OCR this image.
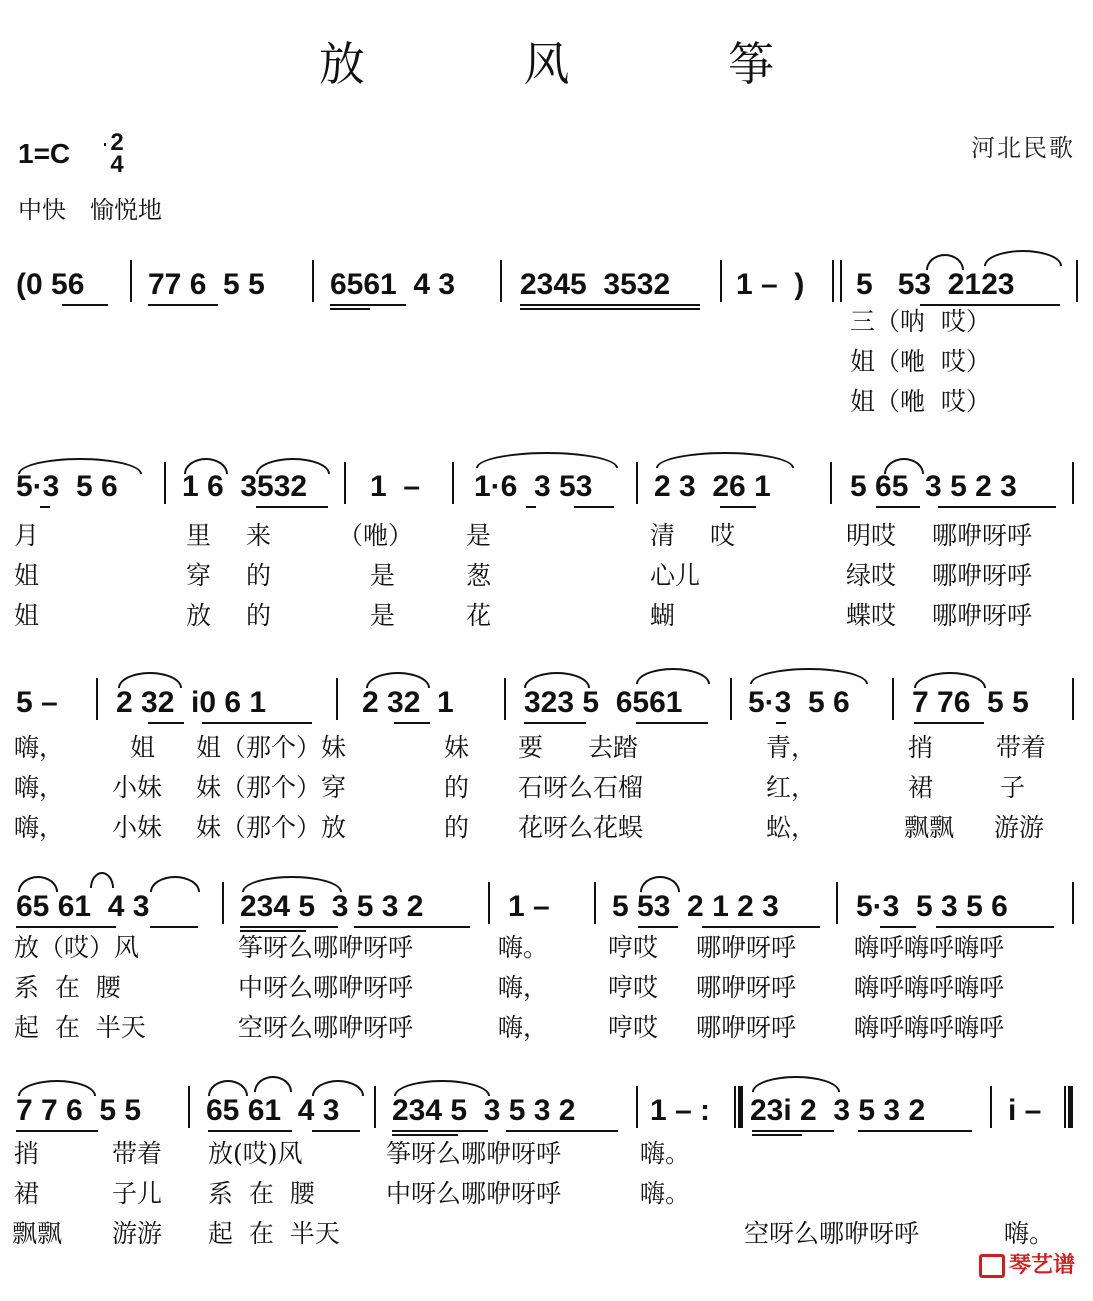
放 风 筝
河北民歌
1=C 2
4
中快 愉悦地
(0 56 77 6  5 5 6561  4 3 2345  3532 1 –  ) 5   53  2123
三（呐  哎）
姐（咃  哎）
姐（咃  哎）
5·3  5 6 1 6  3532 1  – 1·6  3 53 2 3  26 1	5 65  3 5 2 3

月	里 来	（咃） 是	清 哎	明哎 哪咿呀呼

姐	穿 的	是	葱	心儿	绿哎 哪咿呀呼

姐	放 的	是	花	蝴	蝶哎 哪咿呀呼

5 – 2 32  i0 6 1	2 32  1 323 5  6561 5·3  5 6 7 76  5 5

嗨，	姐 姐（那个）妹	妹 要 去踏	青，	捎	带着

嗨， 小妹 妹（那个）穿	的 石呀么石榴	红，	裙	子

嗨， 小妹 妹（那个）放	的 花呀么花蜈	蚣，	飘飘 游游

65 61  4 3	234 5  3 5 3 2	1 – 5 53  2 1 2 3	5·3  5 3 5 6

放（哎）风	筝呀么哪咿呀呼	嗨。 哼哎 哪咿呀呼 嗨呼嗨呼嗨呼

系  在  腰	中呀么哪咿呀呼	嗨， 哼哎 哪咿呀呼 嗨呼嗨呼嗨呼

起  在  半天	空呀么哪咿呀呼	嗨， 哼哎 哪咿呀呼 嗨呼嗨呼嗨呼

7 7 6  5 5 65 61  4 3 234 5  3 5 3 2 1 – : 23i 2  3 5 3 2	i –

捎	带着 放(哎)风	筝呀么哪咿呀呼	嗨。

裙	子儿 系  在  腰	中呀么哪咿呀呼	嗨。

飘飘 游游 起  在  半天	空呀么哪咿呀呼	嗨。

琴艺谱
